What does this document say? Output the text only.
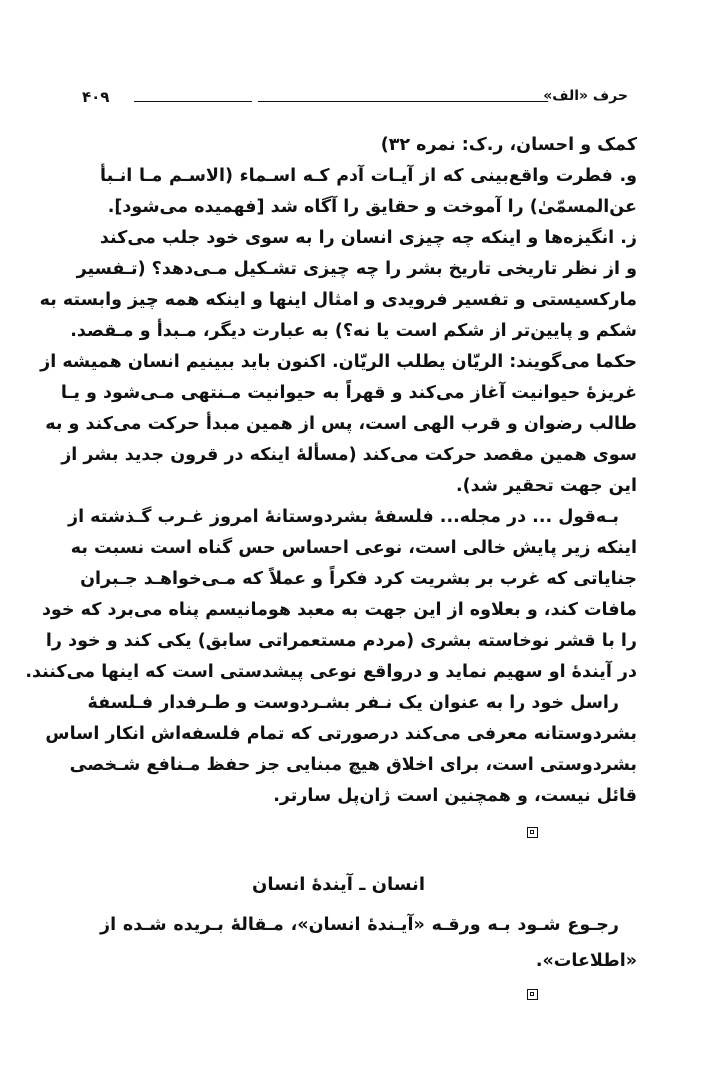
۴۰۹	حرف «الف»
کمک و احسان، ر.ک: نمره ۳۲)
و. فطرت واقع‌بینی که از آیـات آدم کـه اسـماء (الاسـم مـا انـبأ
عن‌المسمّیٰ) را آموخت و حقایق را آگاه شد [فهمیده می‌شود].
ز. انگیزه‌ها و اینکه چه چیزی انسان را به سوی خود جلب می‌کند
و از نظر تاریخی تاریخ بشر را چه چیزی تشـکیل مـی‌دهد؟ (تـفسیر
مارکسیستی و تفسیر فرویدی و امثال اینها و اینکه همه چیز وابسته به
شکم و پایین‌تر از شکم است یا نه؟) به عبارت دیگر، مـبدأ و مـقصد.
حکما می‌گویند: الریّان یطلب الریّان. اکنون باید ببینیم انسان همیشه از
غریزهٔ حیوانیت آغاز می‌کند و قهراً به حیوانیت مـنتهی مـی‌شود و یـا
طالب رضوان و قرب الهی است، پس از همین مبدأ حرکت می‌کند و به
سوی همین مقصد حرکت می‌کند (مسألهٔ اینکه در قرون جدید بشر از
این جهت تحقیر شد).
بـه‌قول ... در مجله... فلسفهٔ بشردوستانهٔ امروز غـرب گـذشته از
اینکه زیر پایش خالی است، نوعی احساس حس گناه است نسبت به
جنایاتی که غرب بر بشریت کرد فکراً و عملاً که مـی‌خواهـد جـبران
مافات کند، و بعلاوه از این جهت به معبد هومانیسم پناه می‌برد که خود
را با قشر نوخاسته بشری (مردم مستعمراتی سابق) یکی کند و خود را
در آیندهٔ او سهیم نماید و درواقع نوعی پیشدستی است که اینها می‌کنند.
راسل خود را به عنوان یک نـفر بشـردوست و طـرفدار فـلسفهٔ
بشردوستانه معرفی می‌کند درصورتی که تمام فلسفه‌اش انکار اساس
بشردوستی است، برای اخلاق هیچ مبنایی جز حفظ مـنافع شـخصی
قائل نیست، و همچنین است ژان‌پل سارتر.
انسان ـ آیندهٔ انسان
رجـوع شـود بـه ورقـه «آیـندهٔ انسان»، مـقالهٔ بـریده شـده از
«اطلاعات».
